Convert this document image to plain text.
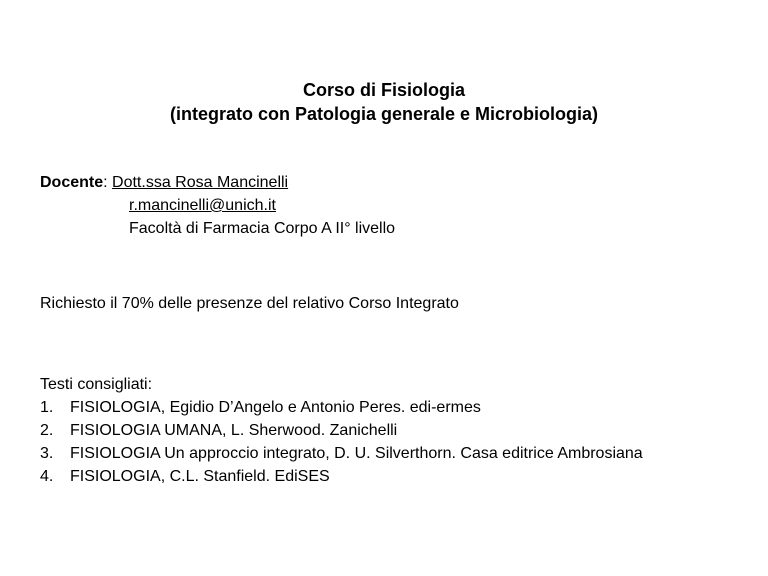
Corso di Fisiologia
(integrato con Patologia generale e Microbiologia)
Docente: Dott.ssa Rosa Mancinelli
r.mancinelli@unich.it
Facoltà di Farmacia Corpo A II° livello
Richiesto il 70% delle presenze del relativo Corso Integrato
Testi consigliati:
1.	FISIOLOGIA, Egidio D’Angelo e Antonio Peres. edi-ermes
2.	FISIOLOGIA UMANA, L. Sherwood. Zanichelli
3.	FISIOLOGIA Un approccio integrato, D. U. Silverthorn. Casa editrice Ambrosiana
4.	FISIOLOGIA, C.L. Stanfield. EdiSES
